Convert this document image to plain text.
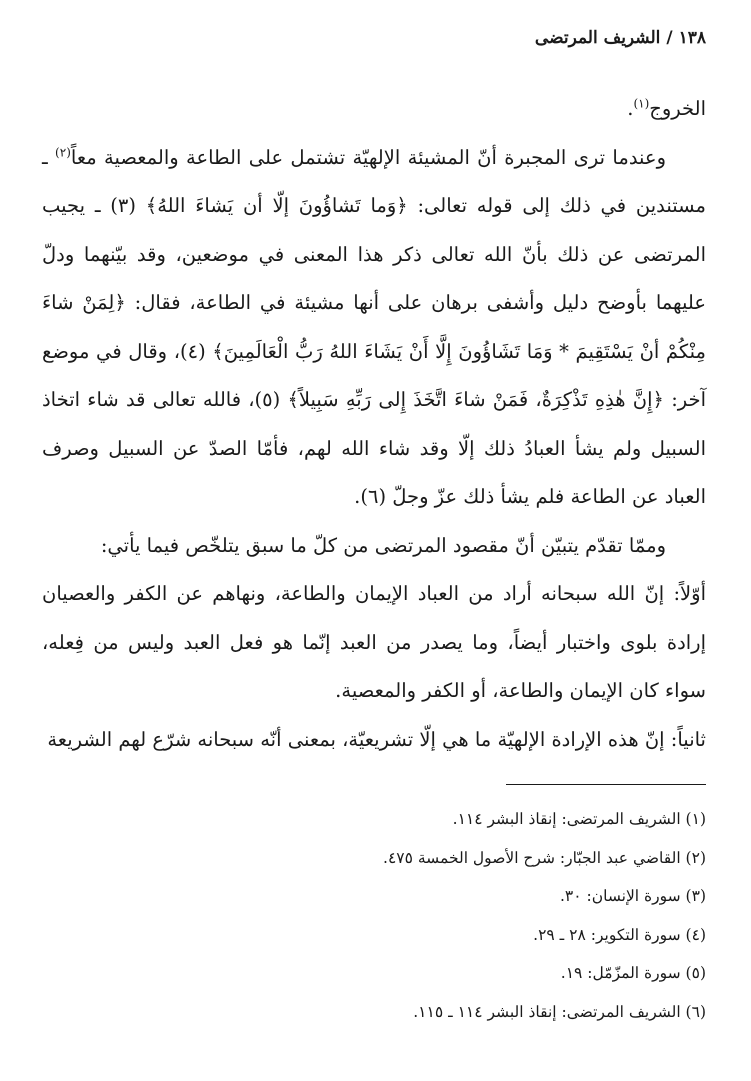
١٣٨/الشريف المرتضى

الخروج$^{(١)}$.

وعندما ترى المجبرة أنّ المشيئة الإلهيّة تشتمل على الطاعة والمعصية معاً$^{(٢)}$ ـ مستندين في ذلك إلى قوله تعالى: ﴿وَما تَشاؤُونَ إلّا أن يَشاءَ اللهُ﴾ (٣) ـ يجيب المرتضى عن ذلك بأنّ الله تعالى ذكر هذا المعنى في موضعين، وقد بيّنهما ودلّ عليهما بأوضح دليل وأشفى برهان على أنها مشيئة في الطاعة، فقال: ﴿لِمَنْ شاءَ مِنْكُمْ أنْ يَسْتَقِيمَ * وَمَا تَشَاؤُونَ إِلَّا أَنْ يَشَاءَ اللهُ رَبُّ الْعَالَمِينَ﴾ (٤)، وقال في موضع آخر: ﴿إِنَّ هٰذِهِ تَذْكِرَةٌ، فَمَنْ شاءَ اتَّخَذَ إِلى رَبِّهِ سَبِيلاً﴾ (٥)، فالله تعالى قد شاء اتخاذ السبيل ولم يشأ العبادُ ذلك إلّا وقد شاء الله لهم، فأمّا الصدّ عن السبيل وصرف العباد عن الطاعة فلم يشأ ذلك عزّ وجلّ (٦).

وممّا تقدّم يتبيّن أنّ مقصود المرتضى من كلّ ما سبق يتلخّص فيما يأتي:

أوّلاً: إنّ الله سبحانه أراد من العباد الإيمان والطاعة، ونهاهم عن الكفر والعصيان إرادة بلوى واختبار أيضاً، وما يصدر من العبد إنّما هو فعل العبد وليس من فِعله، سواء كان الإيمان والطاعة، أو الكفر والمعصية.

ثانياً: إنّ هذه الإرادة الإلهيّة ما هي إلّا تشريعيّة، بمعنى أنّه سبحانه شرّع لهم الشريعة

(١) الشريف المرتضى: إنقاذ البشر ١١٤.
(٢) القاضي عبد الجبّار: شرح الأصول الخمسة ٤٧٥.
(٣) سورة الإنسان: ٣٠.
(٤) سورة التكوير: ٢٨ ـ ٢٩.
(٥) سورة المزّمّل: ١٩.
(٦) الشريف المرتضى: إنقاذ البشر ١١٤ ـ ١١٥.
